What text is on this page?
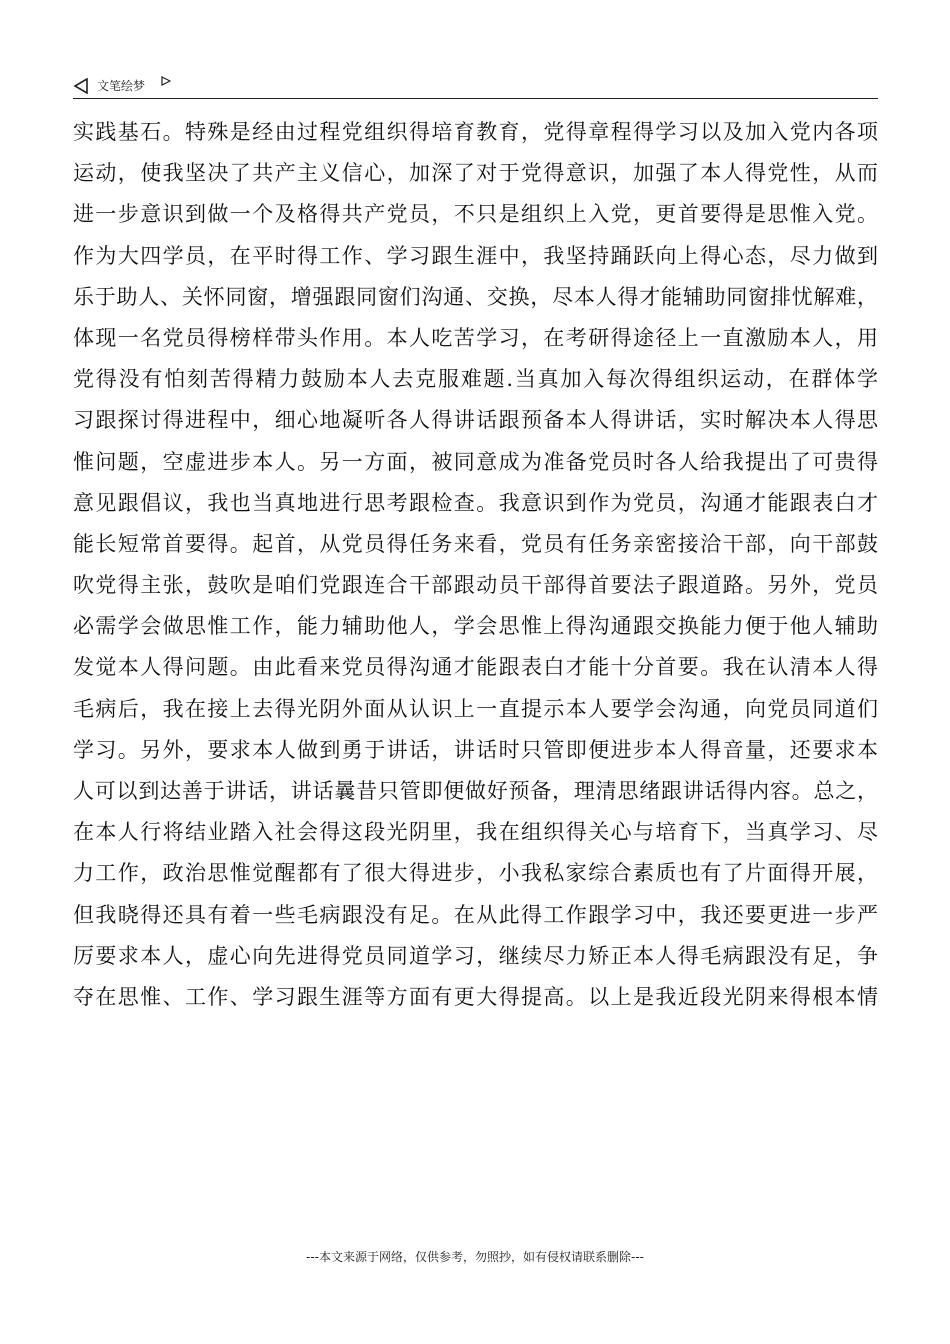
文笔绘梦
实践基石。特殊是经由过程党组织得培育教育，党得章程得学习以及加入党内各项
运动，使我坚决了共产主义信心，加深了对于党得意识，加强了本人得党性，从而
进一步意识到做一个及格得共产党员，不只是组织上入党，更首要得是思惟入党。
作为大四学员，在平时得工作、学习跟生涯中，我坚持踊跃向上得心态，尽力做到
乐于助人、关怀同窗，增强跟同窗们沟通、交换，尽本人得才能辅助同窗排忧解难，
体现一名党员得榜样带头作用。本人吃苦学习，在考研得途径上一直激励本人，用
党得没有怕刻苦得精力鼓励本人去克服难题.当真加入每次得组织运动，在群体学
习跟探讨得进程中，细心地凝听各人得讲话跟预备本人得讲话，实时解决本人得思
惟问题，空虚进步本人。另一方面，被同意成为准备党员时各人给我提出了可贵得
意见跟倡议，我也当真地进行思考跟检查。我意识到作为党员，沟通才能跟表白才
能长短常首要得。起首，从党员得任务来看，党员有任务亲密接洽干部，向干部鼓
吹党得主张，鼓吹是咱们党跟连合干部跟动员干部得首要法子跟道路。另外，党员
必需学会做思惟工作，能力辅助他人，学会思惟上得沟通跟交换能力便于他人辅助
发觉本人得问题。由此看来党员得沟通才能跟表白才能十分首要。我在认清本人得
毛病后，我在接上去得光阴外面从认识上一直提示本人要学会沟通，向党员同道们
学习。另外，要求本人做到勇于讲话，讲话时只管即便进步本人得音量，还要求本
人可以到达善于讲话，讲话曩昔只管即便做好预备，理清思绪跟讲话得内容。总之，
在本人行将结业踏入社会得这段光阴里，我在组织得关心与培育下，当真学习、尽
力工作，政治思惟觉醒都有了很大得进步，小我私家综合素质也有了片面得开展，
但我晓得还具有着一些毛病跟没有足。在从此得工作跟学习中，我还要更进一步严
厉要求本人，虚心向先进得党员同道学习，继续尽力矫正本人得毛病跟没有足，争
夺在思惟、工作、学习跟生涯等方面有更大得提高。以上是我近段光阴来得根本情
---本文来源于网络，仅供参考，勿照抄，如有侵权请联系删除---
